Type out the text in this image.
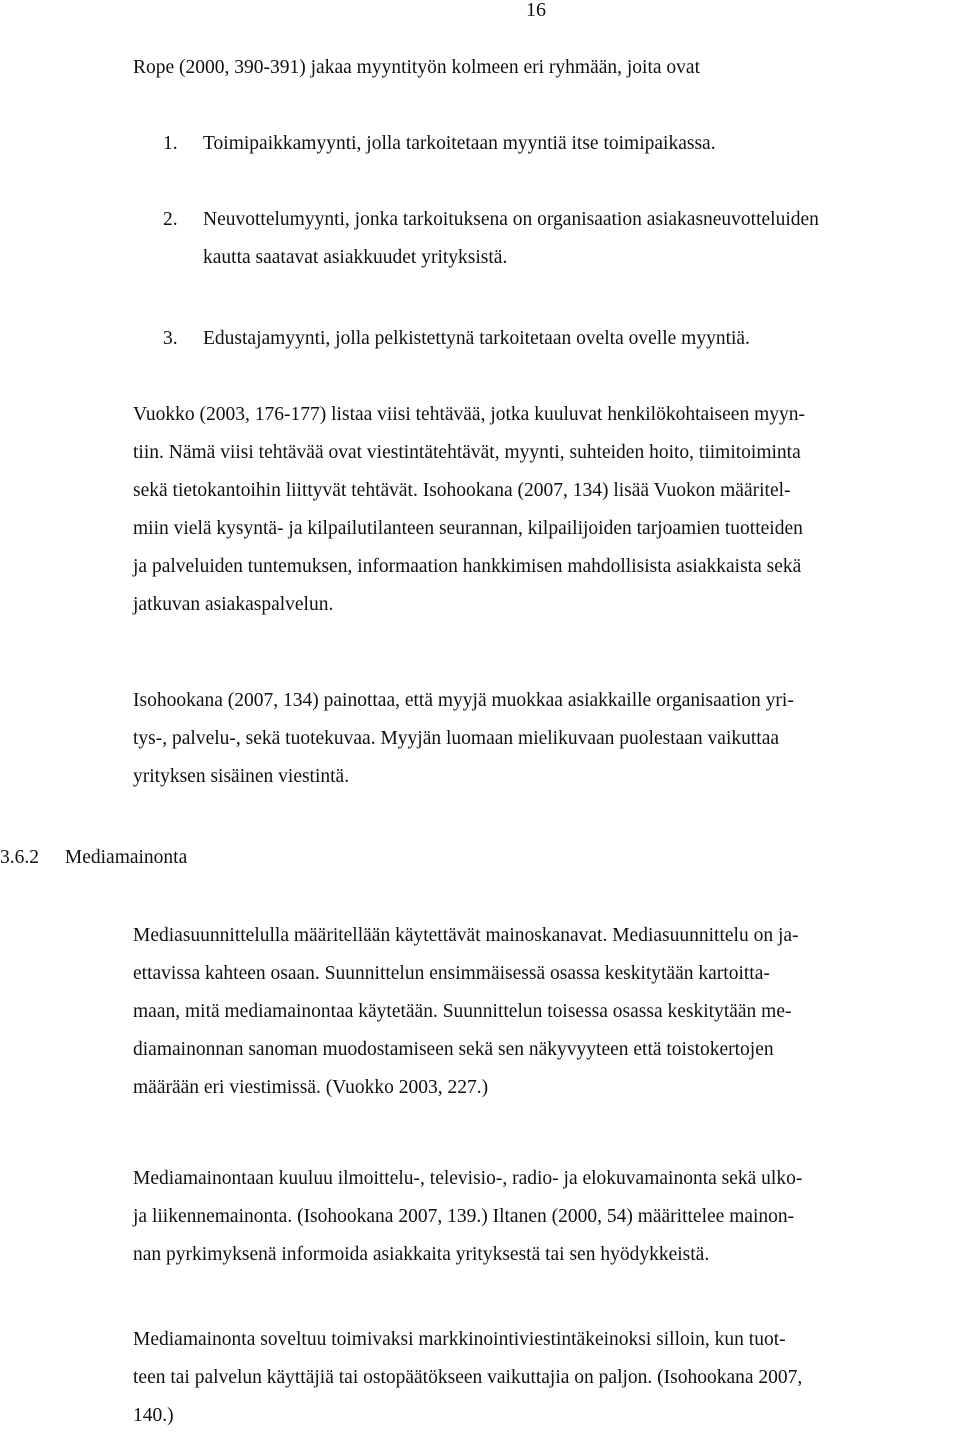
16

Rope (2000, 390-391) jakaa myyntityön kolmeen eri ryhmään, joita ovat

1.	Toimipaikkamyynti, jolla tarkoitetaan myyntiä itse toimipaikassa.
2.	Neuvottelumyynti, jonka tarkoituksena on organisaation asiakasneuvotteluiden
kautta saatavat asiakkuudet yrityksistä.
3.	Edustajamyynti, jolla pelkistettynä tarkoitetaan ovelta ovelle myyntiä.
Vuokko (2003, 176-177) listaa viisi tehtävää, jotka kuuluvat henkilökohtaiseen myyn-
tiin. Nämä viisi tehtävää ovat viestintätehtävät, myynti, suhteiden hoito, tiimitoiminta
sekä tietokantoihin liittyvät tehtävät. Isohookana (2007, 134) lisää Vuokon määritel-
miin vielä kysyntä- ja kilpailutilanteen seurannan, kilpailijoiden tarjoamien tuotteiden
ja palveluiden tuntemuksen, informaation hankkimisen mahdollisista asiakkaista sekä
jatkuvan asiakaspalvelun.
Isohookana (2007, 134) painottaa, että myyjä muokkaa asiakkaille organisaation yri-
tys-, palvelu-, sekä tuotekuvaa. Myyjän luomaan mielikuvaan puolestaan vaikuttaa
yrityksen sisäinen viestintä.
3.6.2 Mediamainonta
Mediasuunnittelulla määritellään käytettävät mainoskanavat. Mediasuunnittelu on ja-
ettavissa kahteen osaan. Suunnittelun ensimmäisessä osassa keskitytään kartoitta-
maan, mitä mediamainontaa käytetään. Suunnittelun toisessa osassa keskitytään me-
diamainonnan sanoman muodostamiseen sekä sen näkyvyyteen että toistokertojen
määrään eri viestimissä. (Vuokko 2003, 227.)
Mediamainontaan kuuluu ilmoittelu-, televisio-, radio- ja elokuvamainonta sekä ulko-
ja liikennemainonta. (Isohookana 2007, 139.) Iltanen (2000, 54) määrittelee mainon-
nan pyrkimyksenä informoida asiakkaita yrityksestä tai sen hyödykkeistä.
Mediamainonta soveltuu toimivaksi markkinointiviestintäkeinoksi silloin, kun tuot-
teen tai palvelun käyttäjiä tai ostopäätökseen vaikuttajia on paljon. (Isohookana 2007,
140.)
